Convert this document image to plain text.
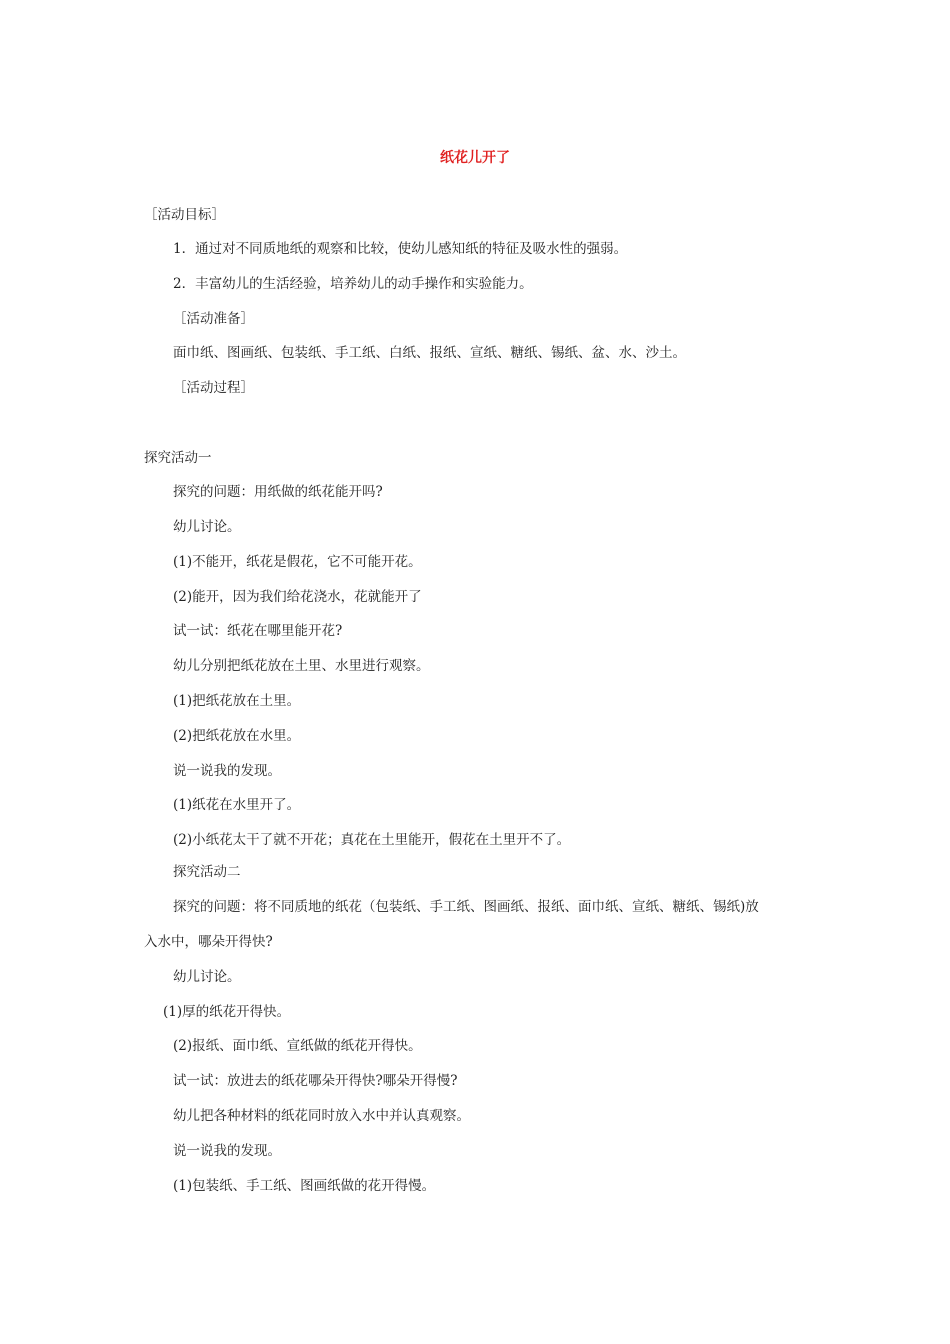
纸花儿开了
［活动目标］
1．通过对不同质地纸的观察和比较，使幼儿感知纸的特征及吸水性的强弱。
2．丰富幼儿的生活经验，培养幼儿的动手操作和实验能力。
［活动准备］
面巾纸、图画纸、包装纸、手工纸、白纸、报纸、宣纸、糖纸、锡纸、盆、水、沙土。
［活动过程］
探究活动一
探究的问题：用纸做的纸花能开吗?
幼儿讨论。
(1)不能开，纸花是假花，它不可能开花。
(2)能开，因为我们给花浇水，花就能开了
试一试：纸花在哪里能开花?
幼儿分别把纸花放在土里、水里进行观察。
(1)把纸花放在土里。
(2)把纸花放在水里。
说一说我的发现。
(1)纸花在水里开了。
(2)小纸花太干了就不开花；真花在土里能开，假花在土里开不了。
探究活动二
探究的问题：将不同质地的纸花（包装纸、手工纸、图画纸、报纸、面巾纸、宣纸、糖纸、锡纸)放
入水中，哪朵开得快?
幼儿讨论。
(1)厚的纸花开得快。
(2)报纸、面巾纸、宣纸做的纸花开得快。
试一试：放进去的纸花哪朵开得快?哪朵开得慢?
幼儿把各种材料的纸花同时放入水中并认真观察。
说一说我的发现。
(1)包装纸、手工纸、图画纸做的花开得慢。
